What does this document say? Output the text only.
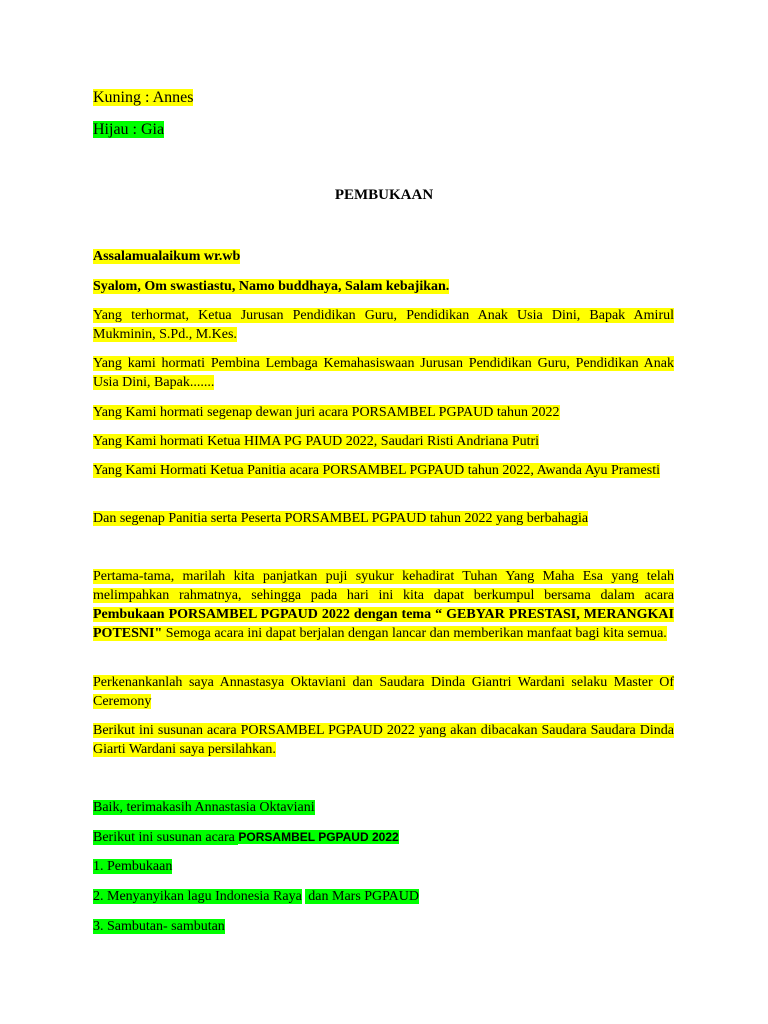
Kuning : Annes
Hijau : Gia
PEMBUKAAN
Assalamualaikum wr.wb
Syalom, Om swastiastu, Namo buddhaya, Salam kebajikan.
Yang terhormat, Ketua Jurusan Pendidikan Guru, Pendidikan Anak Usia Dini, Bapak Amirul Mukminin, S.Pd., M.Kes.
Yang kami hormati Pembina Lembaga Kemahasiswaan Jurusan Pendidikan Guru, Pendidikan Anak Usia Dini, Bapak.......
Yang Kami hormati segenap dewan juri acara PORSAMBEL PGPAUD tahun 2022
Yang Kami hormati Ketua HIMA PG PAUD 2022, Saudari Risti Andriana Putri
Yang Kami Hormati Ketua Panitia acara PORSAMBEL PGPAUD tahun 2022, Awanda Ayu Pramesti
Dan segenap Panitia serta Peserta PORSAMBEL PGPAUD tahun 2022 yang berbahagia
Pertama-tama, marilah kita panjatkan puji syukur kehadirat Tuhan Yang Maha Esa yang telah melimpahkan rahmatnya, sehingga pada hari ini kita dapat berkumpul bersama dalam acara Pembukaan PORSAMBEL PGPAUD 2022 dengan tema “ GEBYAR PRESTASI, MERANGKAI POTESNI" Semoga acara ini dapat berjalan dengan lancar dan memberikan manfaat bagi kita semua.
Perkenankanlah saya Annastasya Oktaviani dan Saudara Dinda Giantri Wardani selaku Master Of Ceremony
Berikut ini susunan acara PORSAMBEL PGPAUD 2022 yang akan dibacakan Saudara Saudara Dinda Giarti Wardani saya persilahkan.
Baik, terimakasih Annastasia Oktaviani
Berikut ini susunan acara PORSAMBEL PGPAUD 2022
1. Pembukaan
2. Menyanyikan lagu Indonesia Raya dan Mars PGPAUD
3. Sambutan- sambutan
